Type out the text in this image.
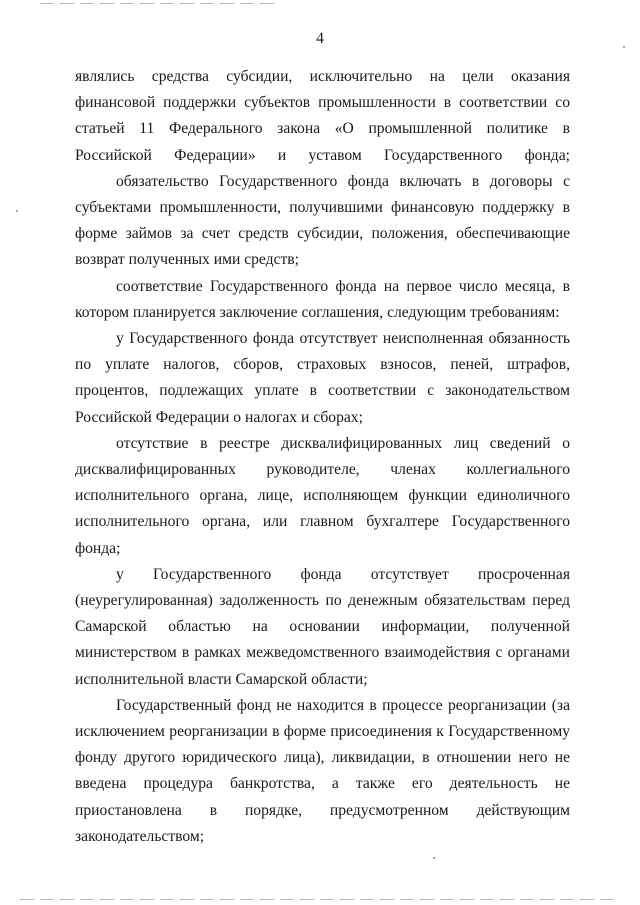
4

являлись средства субсидии, исключительно на цели оказания финансовой поддержки субъектов промышленности в соответствии со статьей 11 Федерального закона «О промышленной политике в Российской Федерации» и уставом Государственного фонда;

обязательство Государственного фонда включать в договоры с субъектами промышленности, получившими финансовую поддержку в форме займов за счет средств субсидии, положения, обеспечивающие возврат полученных ими средств;

соответствие Государственного фонда на первое число месяца, в котором планируется заключение соглашения, следующим требованиям:

у Государственного фонда отсутствует неисполненная обязанность по уплате налогов, сборов, страховых взносов, пеней, штрафов, процентов, подлежащих уплате в соответствии с законодательством Российской Федерации о налогах и сборах;

отсутствие в реестре дисквалифицированных лиц сведений о дисквалифицированных руководителе, членах коллегиального исполнительного органа, лице, исполняющем функции единоличного исполнительного органа, или главном бухгалтере Государственного фонда;

у Государственного фонда отсутствует просроченная (неурегулированная) задолженность по денежным обязательствам перед Самарской областью на основании информации, полученной министерством в рамках межведомственного взаимодействия с органами исполнительной власти Самарской области;

Государственный фонд не находится в процессе реорганизации (за исключением реорганизации в форме присоединения к Государственному фонду другого юридического лица), ликвидации, в отношении него не введена процедура банкротства, а также его деятельность не приостановлена в порядке, предусмотренном действующим законодательством;
